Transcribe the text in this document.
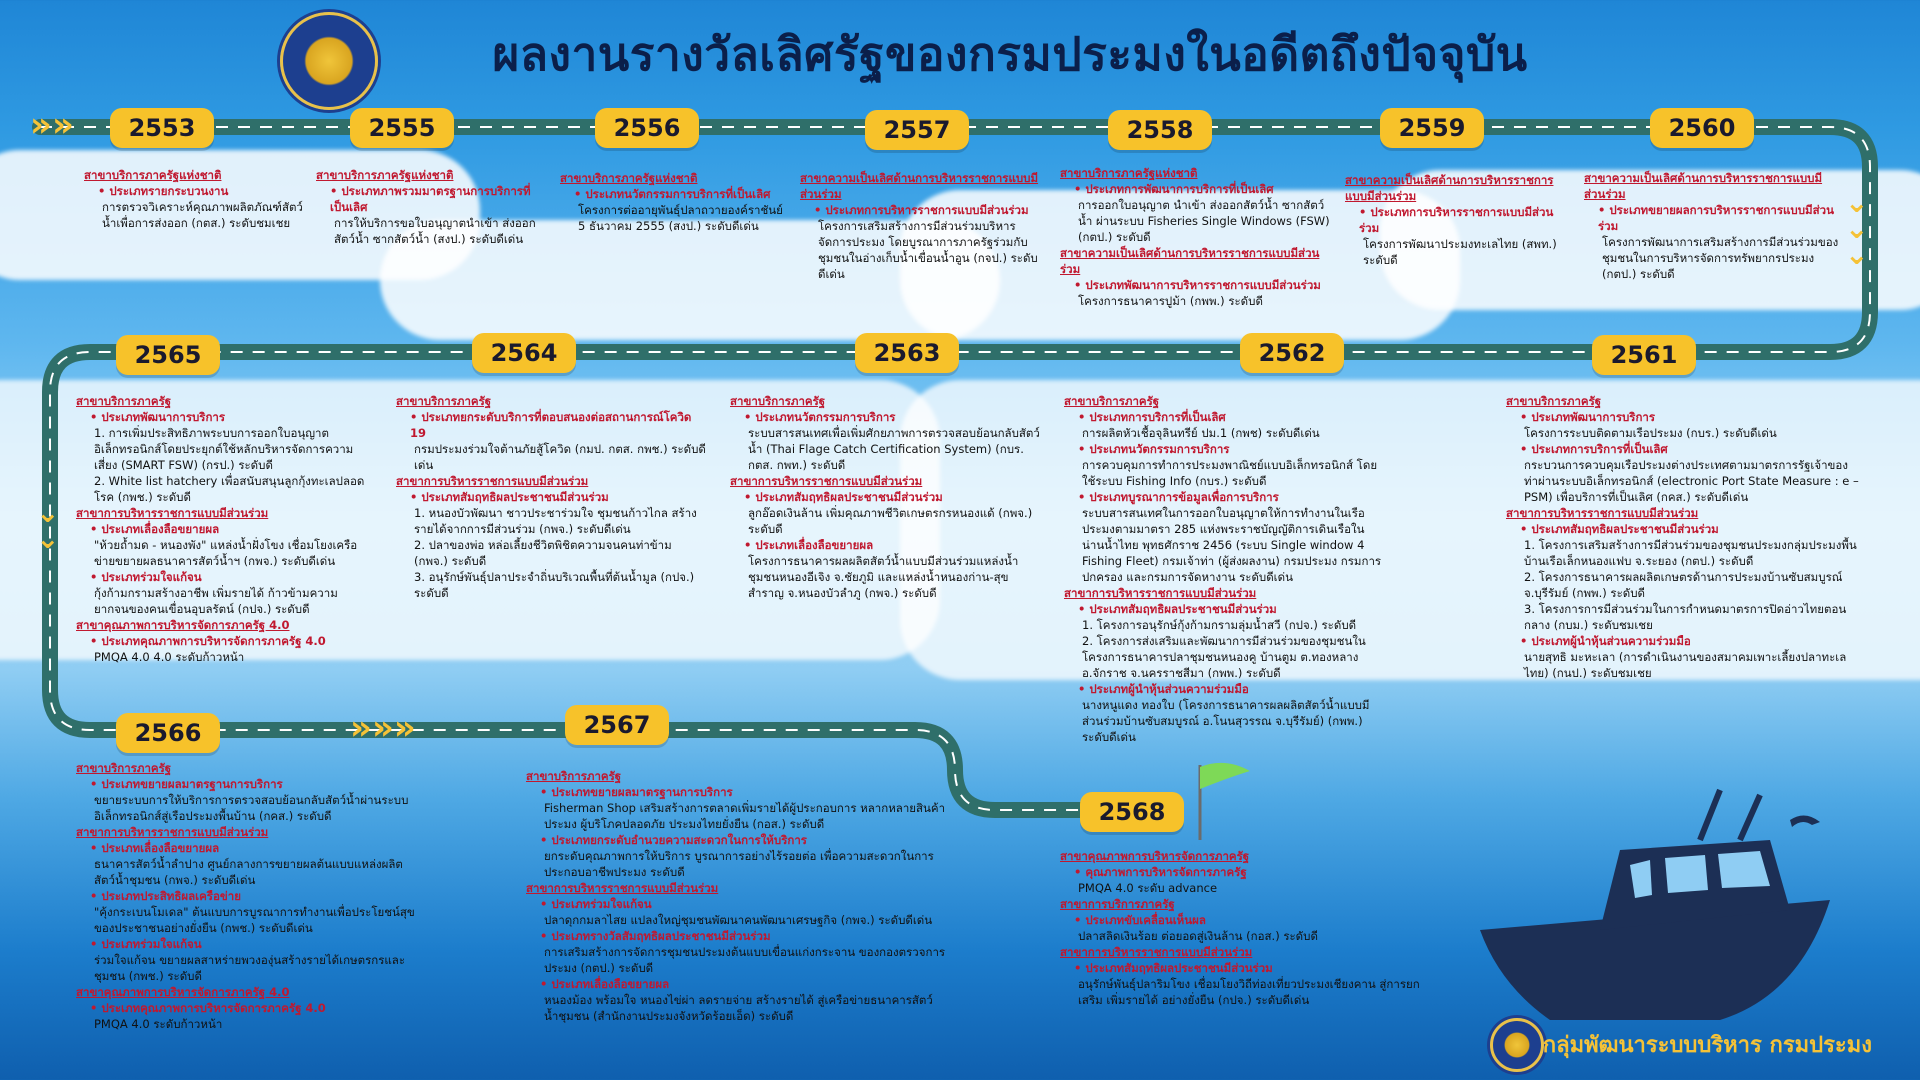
»»
»»»
⌄
⌄
⌄
⌄
⌄
ผลงานรางวัลเลิศรัฐของกรมประมงในอดีตถึงปัจจุบัน
2553	2555	2556	2557	2558	2559	2560
2561
2562
2563
2564
2565
2566	2567
2568
สาขาบริการภาครัฐแห่งชาติ
• ประเภทรายกระบวนงาน
การตรวจวิเคราะห์คุณภาพผลิตภัณฑ์สัตว์น้ำเพื่อการส่งออก (กตส.) ระดับชมเชย
สาขาบริการภาครัฐแห่งชาติ
• ประเภทภาพรวมมาตรฐานการบริการที่เป็นเลิศ
การให้บริการขอใบอนุญาตนำเข้า ส่งออกสัตว์น้ำ ซากสัตว์น้ำ (สงป.) ระดับดีเด่น
สาขาบริการภาครัฐแห่งชาติ
• ประเภทนวัตกรรมการบริการที่เป็นเลิศ
โครงการต่ออายุพันธุ์ปลาถวายองค์ราชันย์ 5 ธันวาคม 2555 (สงป.) ระดับดีเด่น
สาขาความเป็นเลิศด้านการบริหารราชการแบบมีส่วนร่วม
• ประเภทการบริหารราชการแบบมีส่วนร่วม
โครงการเสริมสร้างการมีส่วนร่วมบริหารจัดการประมง โดยบูรณาการภาครัฐร่วมกับชุมชนในอ่างเก็บน้ำเขื่อนน้ำอูน (กจป.) ระดับดีเด่น
สาขาบริการภาครัฐแห่งชาติ
• ประเภทการพัฒนาการบริการที่เป็นเลิศ
การออกใบอนุญาต นำเข้า ส่งออกสัตว์น้ำ ซากสัตว์น้ำ ผ่านระบบ Fisheries Single Windows (FSW) (กตป.) ระดับดี
สาขาความเป็นเลิศด้านการบริหารราชการแบบมีส่วนร่วม
• ประเภทพัฒนาการบริหารราชการแบบมีส่วนร่วม
โครงการธนาคารปูม้า (กพพ.) ระดับดี
สาขาความเป็นเลิศด้านการบริหารราชการแบบมีส่วนร่วม
• ประเภทการบริหารราชการแบบมีส่วนร่วม
โครงการพัฒนาประมงทะเลไทย (สพท.) ระดับดี
สาขาความเป็นเลิศด้านการบริหารราชการแบบมีส่วนร่วม
• ประเภทขยายผลการบริหารราชการแบบมีส่วนร่วม
โครงการพัฒนาการเสริมสร้างการมีส่วนร่วมของชุมชนในการบริหารจัดการทรัพยากรประมง (กตป.) ระดับดี
สาขาบริการภาครัฐ
• ประเภทพัฒนาการบริการ
1. การเพิ่มประสิทธิภาพระบบการออกใบอนุญาตอิเล็กทรอนิกส์โดยประยุกต์ใช้หลักบริหารจัดการความเสี่ยง (SMART FSW) (กรป.) ระดับดี
2. White list hatchery เพื่อสนับสนุนลูกกุ้งทะเลปลอดโรค (กพช.) ระดับดี
สาขาการบริหารราชการแบบมีส่วนร่วม
• ประเภทเลื่องลือขยายผล
"ห้วยถ้ำมด - หนองพัง" แหล่งน้ำฝั่งโขง เชื่อมโยงเครือข่ายขยายผลธนาคารสัตว์น้ำฯ (กพจ.) ระดับดีเด่น
• ประเภทร่วมใจแก้จน
กุ้งก้ามกรามสร้างอาชีพ เพิ่มรายได้ ก้าวข้ามความยากจนของคนเขื่อนอุบลรัตน์ (กปจ.) ระดับดี
สาขาคุณภาพการบริหารจัดการภาครัฐ 4.0
• ประเภทคุณภาพการบริหารจัดการภาครัฐ 4.0
PMQA 4.0 4.0 ระดับก้าวหน้า
สาขาบริการภาครัฐ
• ประเภทยกระดับบริการที่ตอบสนองต่อสถานการณ์โควิด 19
กรมประมงร่วมใจต้านภัยสู้โควิด (กมป. กตส. กพช.) ระดับดีเด่น
สาขาการบริหารราชการแบบมีส่วนร่วม
• ประเภทสัมฤทธิผลประชาชนมีส่วนร่วม
1. หนองบัวพัฒนา ชาวประชาร่วมใจ ชุมชนก้าวไกล สร้างรายได้จากการมีส่วนร่วม (กพจ.) ระดับดีเด่น
2. ปลาของพ่อ หล่อเลี้ยงชีวิตพิชิตความจนคนท่าข้าม (กพจ.) ระดับดี
3. อนุรักษ์พันธุ์ปลาประจำถิ่นบริเวณพื้นที่ต้นน้ำมูล (กปจ.) ระดับดี
สาขาบริการภาครัฐ
• ประเภทนวัตกรรมการบริการ
ระบบสารสนเทศเพื่อเพิ่มศักยภาพการตรวจสอบย้อนกลับสัตว์น้ำ (Thai Flage Catch Certification System) (กบร. กตส. กพท.) ระดับดี
สาขาการบริหารราชการแบบมีส่วนร่วม
• ประเภทสัมฤทธิผลประชาชนมีส่วนร่วม
ลูกอ๊อดเงินล้าน เพิ่มคุณภาพชีวิตเกษตรกรหนองแด้ (กพจ.) ระดับดี
• ประเภทเลื่องลือขยายผล
โครงการธนาคารผลผลิตสัตว์น้ำแบบมีส่วนร่วมแหล่งน้ำชุมชนหนองอีเจิง จ.ชัยภูมิ และแหล่งน้ำหนองก่าน-สุขสำราญ จ.หนองบัวลำภู (กพจ.) ระดับดี
สาขาบริการภาครัฐ
• ประเภทการบริการที่เป็นเลิศ
การผลิตหัวเชื้อจุลินทรีย์ ปม.1 (กพช) ระดับดีเด่น
• ประเภทนวัตกรรมการบริการ
การควบคุมการทำการประมงพาณิชย์แบบอิเล็กทรอนิกส์ โดยใช้ระบบ Fishing Info (กบร.) ระดับดี
• ประเภทบูรณาการข้อมูลเพื่อการบริการ
ระบบสารสนเทศในการออกใบอนุญาตให้การทำงานในเรือประมงตามมาตรา 285 แห่งพระราชบัญญัติการเดินเรือในน่านน้ำไทย พุทธศักราช 2456 (ระบบ Single window 4 Fishing Fleet) กรมเจ้าท่า (ผู้ส่งผลงาน) กรมประมง กรมการปกครอง และกรมการจัดหางาน ระดับดีเด่น
สาขาการบริหารราชการแบบมีส่วนร่วม
• ประเภทสัมฤทธิผลประชาชนมีส่วนร่วม
1. โครงการอนุรักษ์กุ้งก้ามกรามลุ่มน้ำสวี (กปจ.) ระดับดี
2. โครงการส่งเสริมและพัฒนาการมีส่วนร่วมของชุมชนในโครงการธนาคารปลาชุมชนหนองคู บ้านตูม ต.ทองหลาง อ.จักราช จ.นครราชสีมา (กพพ.) ระดับดี
• ประเภทผู้นำหุ้นส่วนความร่วมมือ
นางหนูแดง ทองใบ (โครงการธนาคารผลผลิตสัตว์น้ำแบบมีส่วนร่วมบ้านซับสมบูรณ์ อ.โนนสุวรรณ จ.บุรีรัมย์) (กพพ.) ระดับดีเด่น
สาขาบริการภาครัฐ
• ประเภทพัฒนาการบริการ
โครงการระบบติดตามเรือประมง (กบร.) ระดับดีเด่น
• ประเภทการบริการที่เป็นเลิศ
กระบวนการควบคุมเรือประมงต่างประเทศตามมาตรการรัฐเจ้าของท่าผ่านระบบอิเล็กทรอนิกส์ (electronic Port State Measure : e – PSM) เพื่อบริการที่เป็นเลิศ (กคส.) ระดับดีเด่น
สาขาการบริหารราชการแบบมีส่วนร่วม
• ประเภทสัมฤทธิผลประชาชนมีส่วนร่วม
1. โครงการเสริมสร้างการมีส่วนร่วมของชุมชนประมงกลุ่มประมงพื้นบ้านเรือเล็กหนองแฟบ จ.ระยอง (กตป.) ระดับดี
2. โครงการธนาคารผลผลิตเกษตรด้านการประมงบ้านซับสมบูรณ์ จ.บุรีรัมย์ (กพพ.) ระดับดี
3. โครงการการมีส่วนร่วมในการกำหนดมาตรการปิดอ่าวไทยตอนกลาง (กบม.) ระดับชมเชย
• ประเภทผู้นำหุ้นส่วนความร่วมมือ
นายสุทธิ มะหะเลา (การดำเนินงานของสมาคมเพาะเลี้ยงปลาทะเลไทย) (กนป.) ระดับชมเชย
สาขาบริการภาครัฐ
• ประเภทขยายผลมาตรฐานการบริการ
ขยายระบบการให้บริการการตรวจสอบย้อนกลับสัตว์น้ำผ่านระบบอิเล็กทรอนิกส์สู่เรือประมงพื้นบ้าน (กคส.) ระดับดี
สาขาการบริหารราชการแบบมีส่วนร่วม
• ประเภทเลื่องลือขยายผล
ธนาคารสัตว์น้ำลำปาง ศูนย์กลางการขยายผลต้นแบบแหล่งผลิตสัตว์น้ำชุมชน (กพจ.) ระดับดีเด่น
• ประเภทประสิทธิผลเครือข่าย
"คุ้งกระเบนโมเดล" ต้นแบบการบูรณาการทำงานเพื่อประโยชน์สุขของประชาชนอย่างยั่งยืน (กพช.) ระดับดีเด่น
• ประเภทร่วมใจแก้จน
ร่วมใจแก้จน ขยายผลสาหร่ายพวงองุ่นสร้างรายได้เกษตรกรและชุมชน (กพช.) ระดับดี
สาขาคุณภาพการบริหารจัดการภาครัฐ 4.0
• ประเภทคุณภาพการบริหารจัดการภาครัฐ 4.0
PMQA 4.0 ระดับก้าวหน้า
สาขาบริการภาครัฐ
• ประเภทขยายผลมาตรฐานการบริการ
Fisherman Shop เสริมสร้างการตลาดเพิ่มรายได้ผู้ประกอบการ หลากหลายสินค้าประมง ผู้บริโภคปลอดภัย ประมงไทยยั่งยืน (กอส.) ระดับดี
• ประเภทยกระดับอำนวยความสะดวกในการให้บริการ
ยกระดับคุณภาพการให้บริการ บูรณาการอย่างไร้รอยต่อ เพื่อความสะดวกในการประกอบอาชีพประมง ระดับดี
สาขาการบริหารราชการแบบมีส่วนร่วม
• ประเภทร่วมใจแก้จน
ปลาดุกกมลาไสย แปลงใหญ่ชุมชนพัฒนาคนพัฒนาเศรษฐกิจ (กพจ.) ระดับดีเด่น
• ประเภทรางวัลสัมฤทธิผลประชาชนมีส่วนร่วม
การเสริมสร้างการจัดการชุมชนประมงต้นแบบเขื่อนแก่งกระจาน ของกองตรวจการประมง (กตป.) ระดับดี
• ประเภทเลื่องลือขยายผล
หนองม้อง พร้อมใจ หนองไข่ผ่า ลดรายจ่าย สร้างรายได้ สู่เครือข่ายธนาคารสัตว์น้ำชุมชน (สำนักงานประมงจังหวัดร้อยเอ็ด) ระดับดี
สาขาคุณภาพการบริหารจัดการภาครัฐ
• คุณภาพการบริหารจัดการภาครัฐ
PMQA 4.0 ระดับ advance
สาขาการบริการภาครัฐ
• ประเภทขับเคลื่อนเห็นผล
ปลาสลิดเงินร้อย ต่อยอดสู่เงินล้าน (กอส.) ระดับดี
สาขาการบริหารราชการแบบมีส่วนร่วม
• ประเภทสัมฤทธิผลประชาชนมีส่วนร่วม
อนุรักษ์พันธุ์ปลาริมโขง เชื่อมโยงวิถีท่องเที่ยวประมงเชียงคาน สู่การยก เสริม เพิ่มรายได้ อย่างยั่งยืน (กปจ.) ระดับดีเด่น
กลุ่มพัฒนาระบบบริหาร กรมประมง
